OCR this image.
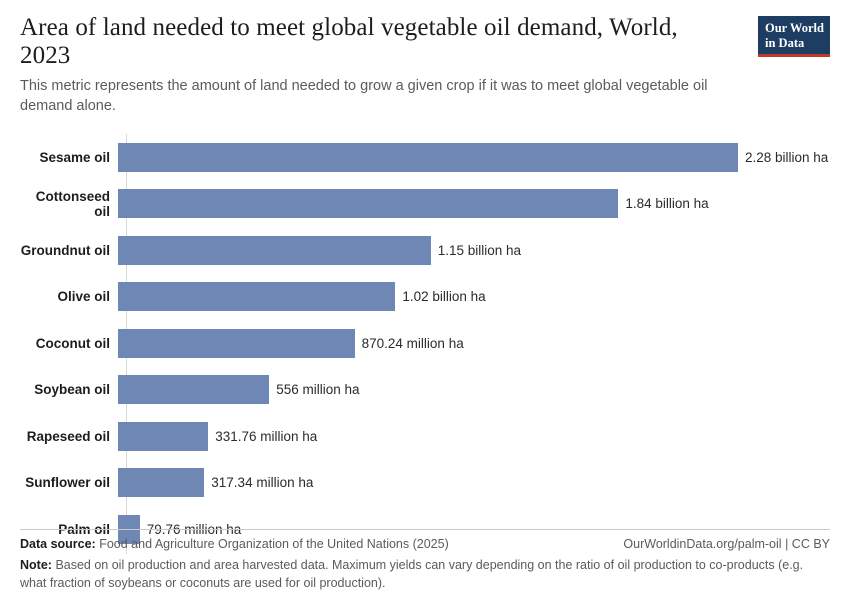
Area of land needed to meet global vegetable oil demand, World, 2023

This metric represents the amount of land needed to grow a given crop if it was to meet global vegetable oil demand alone.

Our World
in Data
Sesame oil	2.28 billion ha
Cottonseed oil	1.84 billion ha
Groundnut oil	1.15 billion ha
Olive oil	1.02 billion ha
Coconut oil	870.24 million ha
Soybean oil	556 million ha
Rapeseed oil	331.76 million ha
Sunflower oil	317.34 million ha
Palm oil	79.76 million ha
Data source: Food and Agriculture Organization of the United Nations (2025)	OurWorldinData.org/palm-oil | CC BY
Note: Based on oil production and area harvested data. Maximum yields can vary depending on the ratio of oil production to co-products (e.g. what fraction of soybeans or coconuts are used for oil production).
